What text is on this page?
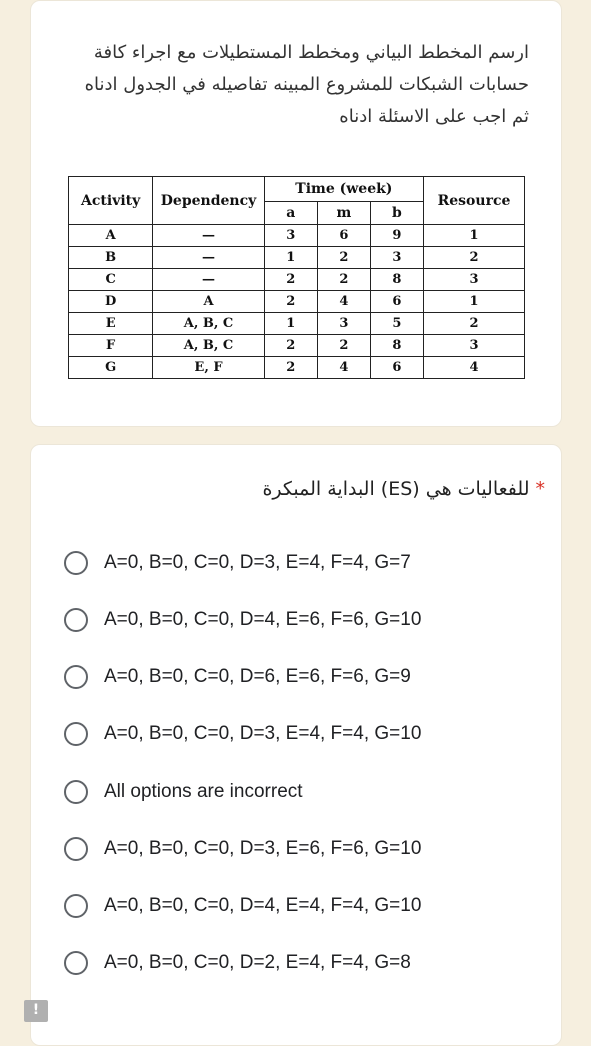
ارسم المخطط البياني ومخطط المستطيلات مع اجراء كافة حسابات الشبكات للمشروع المبينه تفاصيله في الجدول ادناه ثم اجب على الاسئلة ادناه
Activity	Dependency	Time (week)			Resource
		a	m	b	
A	—	3	6	9	1
B	—	1	2	3	2
C	—	2	2	8	3
D	A	2	4	6	1
E	A, B, C	1	3	5	2
F	A, B, C	2	2	8	3
G	E, F	2	4	6	4
*للفعاليات هي (ES) البداية المبكرة
A=0, B=0, C=0, D=3, E=4, F=4, G=7
A=0, B=0, C=0, D=4, E=6, F=6, G=10
A=0, B=0, C=0, D=6, E=6, F=6, G=9
A=0, B=0, C=0, D=3, E=4, F=4, G=10
All options are incorrect
A=0, B=0, C=0, D=3, E=6, F=6, G=10
A=0, B=0, C=0, D=4, E=4, F=4, G=10
A=0, B=0, C=0, D=2, E=4, F=4, G=8
!
